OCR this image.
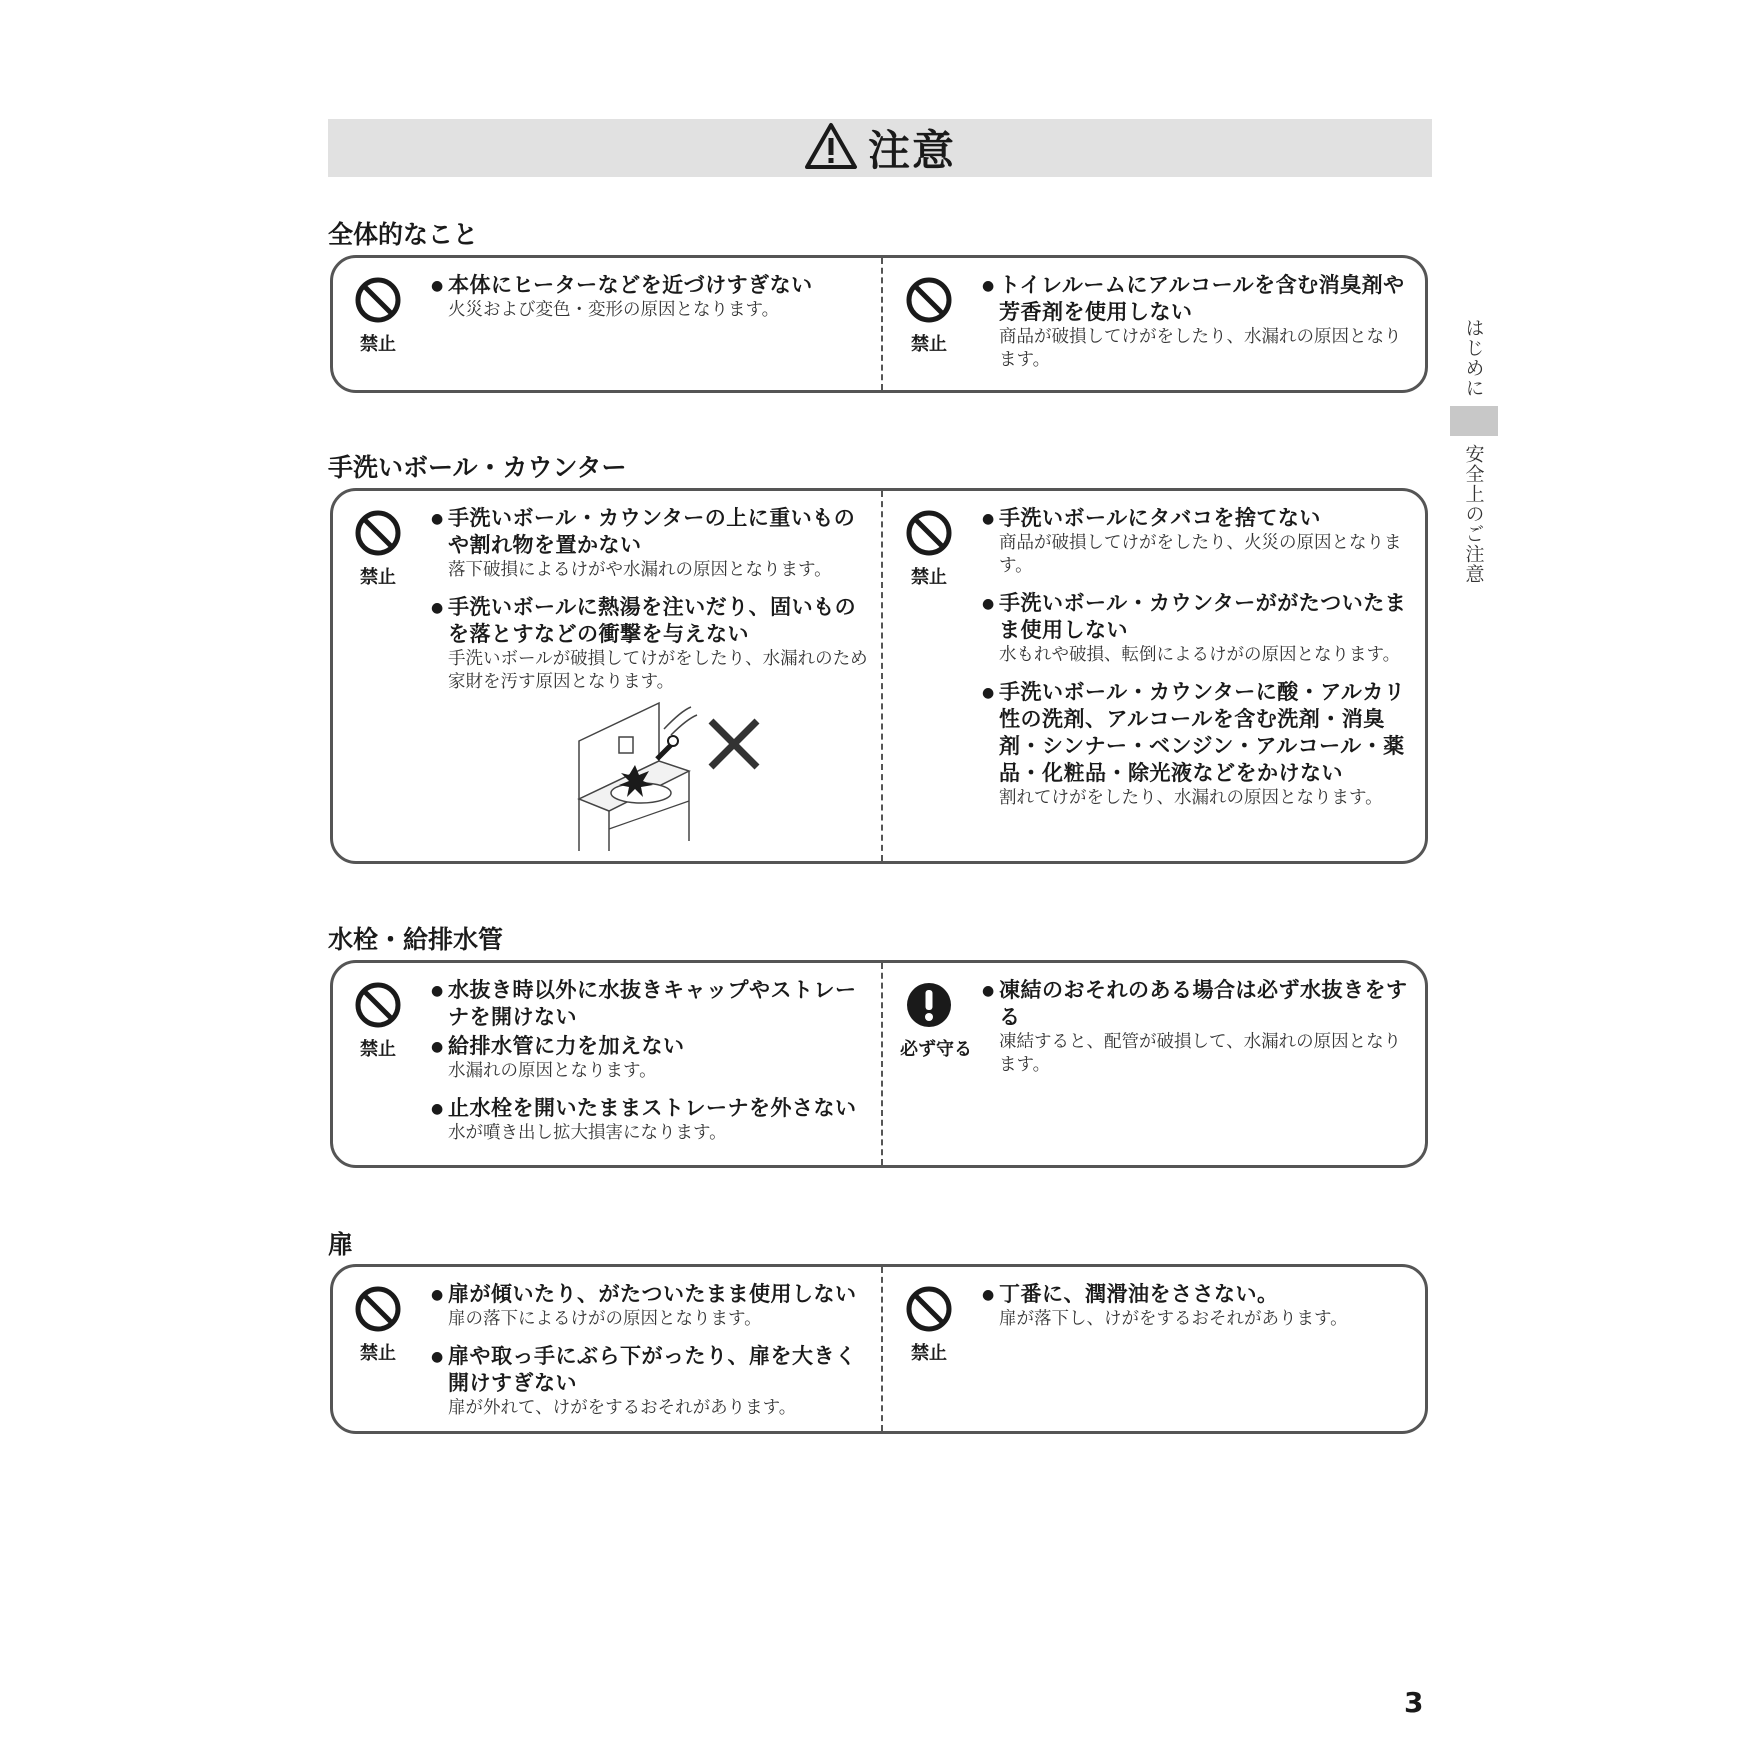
注意
全体的なこと
禁止
● 本体にヒーターなどを近づけすぎない
火災および変色・変形の原因となります。
禁止
● トイレルームにアルコールを含む消臭剤や芳香剤を使用しない
商品が破損してけがをしたり、水漏れの原因となります。
手洗いボール・カウンター
禁止
● 手洗いボール・カウンターの上に重いものや割れ物を置かない
落下破損によるけがや水漏れの原因となります。
● 手洗いボールに熱湯を注いだり、固いものを落とすなどの衝撃を与えない
手洗いボールが破損してけがをしたり、水漏れのため家財を汚す原因となります。
禁止
● 手洗いボールにタバコを捨てない
商品が破損してけがをしたり、火災の原因となります。
● 手洗いボール・カウンターががたついたまま使用しない
水もれや破損、転倒によるけがの原因となります。
● 手洗いボール・カウンターに酸・アルカリ性の洗剤、アルコールを含む洗剤・消臭剤・シンナー・ベンジン・アルコール・薬品・化粧品・除光液などをかけない
割れてけがをしたり、水漏れの原因となります。
水栓・給排水管
禁止
● 水抜き時以外に水抜きキャップやストレーナを開けない
● 給排水管に力を加えない
水漏れの原因となります。
● 止水栓を開いたままストレーナを外さない
水が噴き出し拡大損害になります。
必ず守る
● 凍結のおそれのある場合は必ず水抜きをする
凍結すると、配管が破損して、水漏れの原因となります。
扉
禁止
● 扉が傾いたり、がたついたまま使用しない
扉の落下によるけがの原因となります。
● 扉や取っ手にぶら下がったり、扉を大きく開けすぎない
扉が外れて、けがをするおそれがあります。
禁止
● 丁番に、潤滑油をささない。
扉が落下し、けがをするおそれがあります。
はじめに
安全上のご注意
3
